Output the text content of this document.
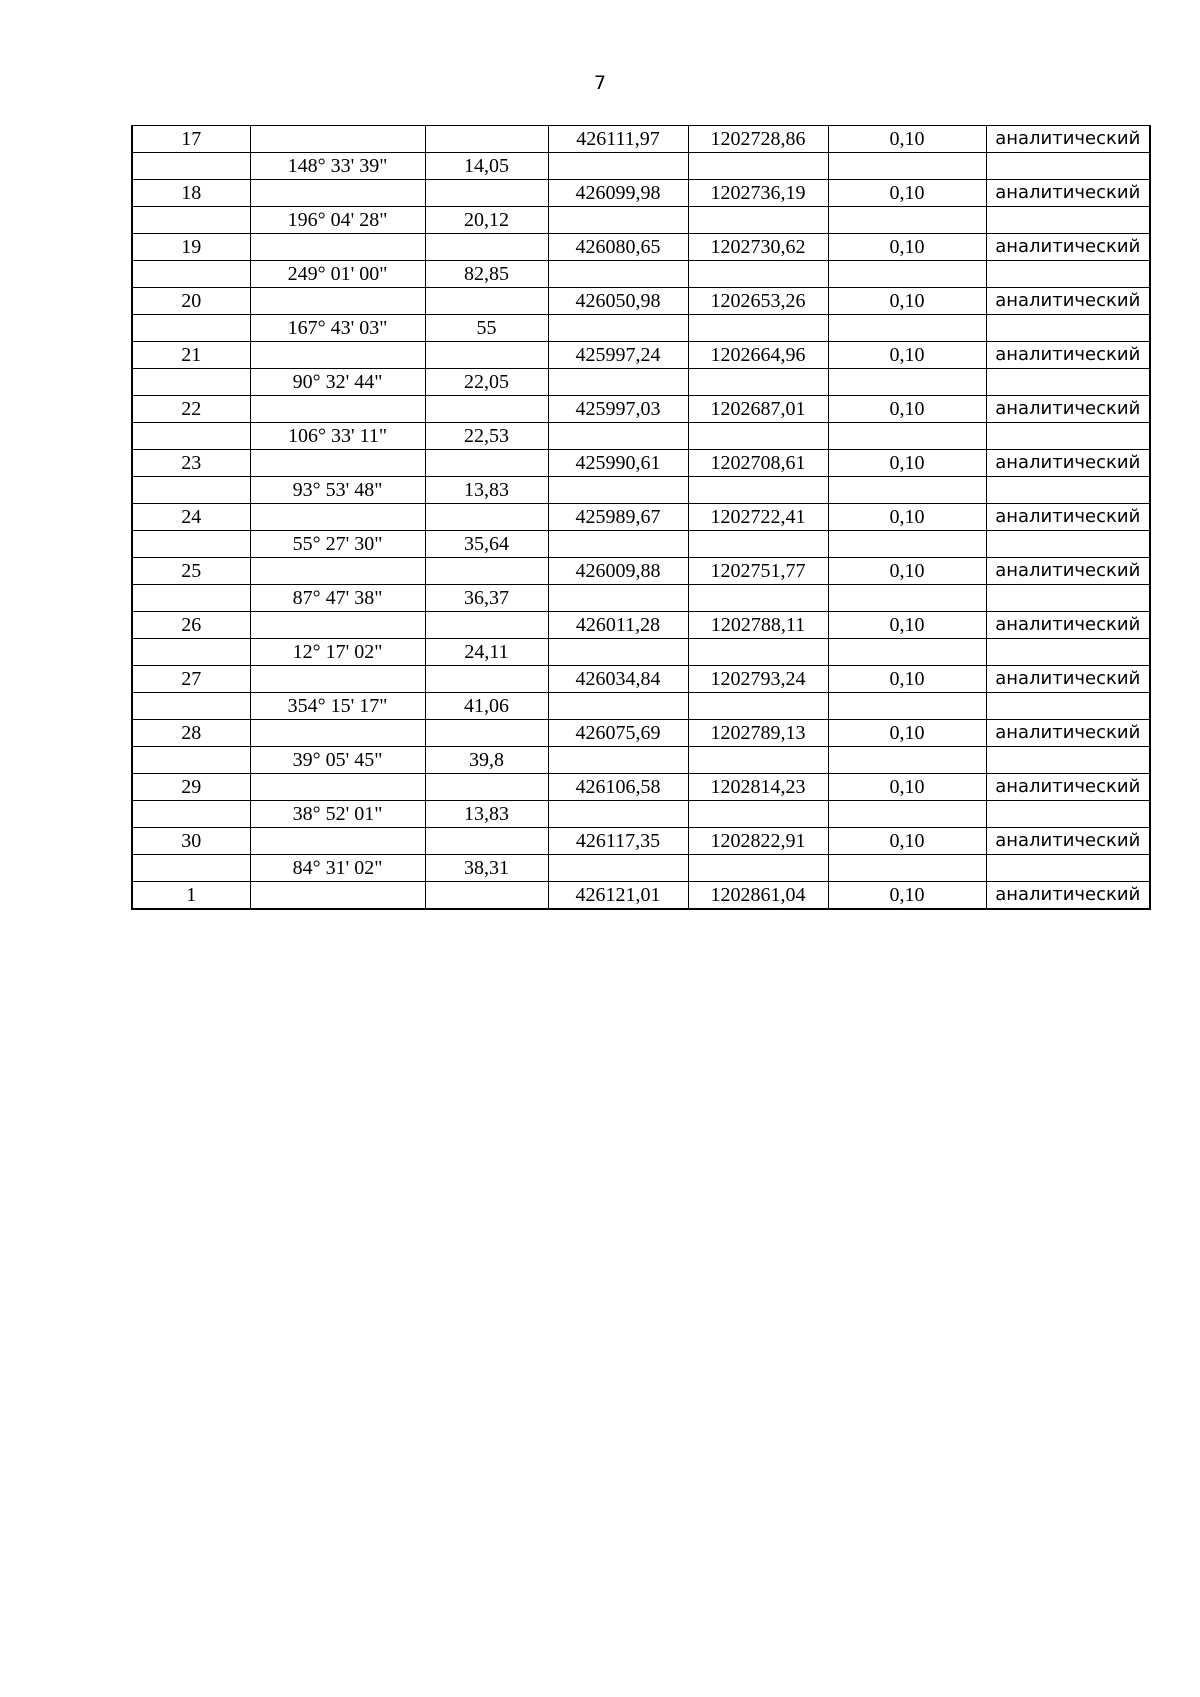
7
17			426111,97	1202728,86	0,10	аналитический
	148° 33' 39"	14,05				
18			426099,98	1202736,19	0,10	аналитический
	196° 04' 28"	20,12				
19			426080,65	1202730,62	0,10	аналитический
	249° 01' 00"	82,85				
20			426050,98	1202653,26	0,10	аналитический
	167° 43' 03"	55				
21			425997,24	1202664,96	0,10	аналитический
	90° 32' 44"	22,05				
22			425997,03	1202687,01	0,10	аналитический
	106° 33' 11"	22,53				
23			425990,61	1202708,61	0,10	аналитический
	93° 53' 48"	13,83				
24			425989,67	1202722,41	0,10	аналитический
	55° 27' 30"	35,64				
25			426009,88	1202751,77	0,10	аналитический
	87° 47' 38"	36,37				
26			426011,28	1202788,11	0,10	аналитический
	12° 17' 02"	24,11				
27			426034,84	1202793,24	0,10	аналитический
	354° 15' 17"	41,06				
28			426075,69	1202789,13	0,10	аналитический
	39° 05' 45"	39,8				
29			426106,58	1202814,23	0,10	аналитический
	38° 52' 01"	13,83				
30			426117,35	1202822,91	0,10	аналитический
	84° 31' 02"	38,31				
1			426121,01	1202861,04	0,10	аналитический
